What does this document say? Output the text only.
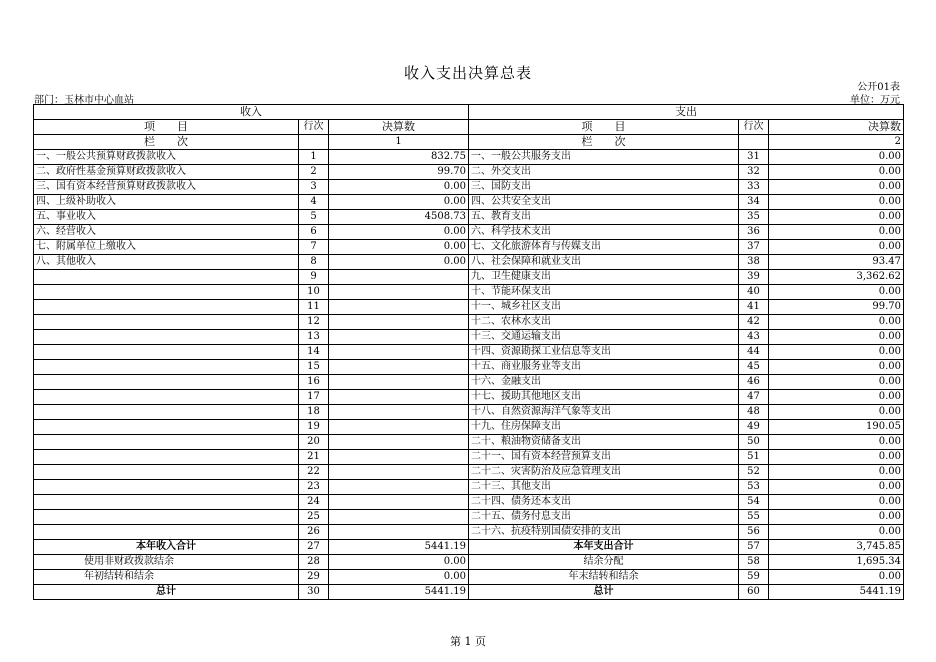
收入支出决算总表
公开01表
部门：玉林市中心血站	单位：万元
收入			支出		
项　　目	行次	决算数	项　　目	行次	决算数
栏　　次		1	栏　　次		2
一、一般公共预算财政拨款收入	1	832.75	一、一般公共服务支出	31	0.00
二、政府性基金预算财政拨款收入	2	99.70	二、外交支出	32	0.00
三、国有资本经营预算财政拨款收入	3	0.00	三、国防支出	33	0.00
四、上级补助收入	4	0.00	四、公共安全支出	34	0.00
五、事业收入	5	4508.73	五、教育支出	35	0.00
六、经营收入	6	0.00	六、科学技术支出	36	0.00
七、附属单位上缴收入	7	0.00	七、文化旅游体育与传媒支出	37	0.00
八、其他收入	8	0.00	八、社会保障和就业支出	38	93.47
	9		九、卫生健康支出	39	3,362.62
	10		十、节能环保支出	40	0.00
	11		十一、城乡社区支出	41	99.70
	12		十二、农林水支出	42	0.00
	13		十三、交通运输支出	43	0.00
	14		十四、资源勘探工业信息等支出	44	0.00
	15		十五、商业服务业等支出	45	0.00
	16		十六、金融支出	46	0.00
	17		十七、援助其他地区支出	47	0.00
	18		十八、自然资源海洋气象等支出	48	0.00
	19		十九、住房保障支出	49	190.05
	20		二十、粮油物资储备支出	50	0.00
	21		二十一、国有资本经营预算支出	51	0.00
	22		二十二、灾害防治及应急管理支出	52	0.00
	23		二十三、其他支出	53	0.00
	24		二十四、债务还本支出	54	0.00
	25		二十五、债务付息支出	55	0.00
	26		二十六、抗疫特别国债安排的支出	56	0.00
本年收入合计	27	5441.19	本年支出合计	57	3,745.85
使用非财政拨款结余	28	0.00	结余分配	58	1,695.34
年初结转和结余	29	0.00	年末结转和结余	59	0.00
总计	30	5441.19	总计	60	5441.19
第 1 页
